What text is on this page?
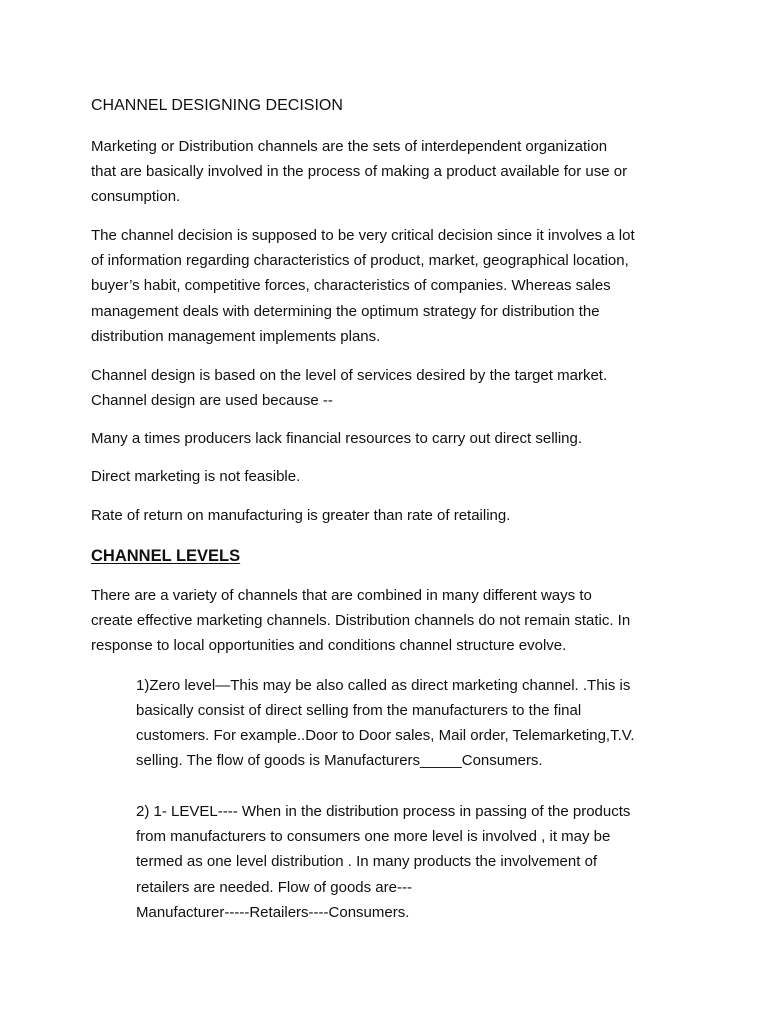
CHANNEL DESIGNING DECISION
Marketing or Distribution channels are the sets of interdependent organization
that are basically involved in the process of making a product available for use or
consumption.
The channel decision is supposed to be very critical decision since it involves a lot
of information regarding characteristics of product, market, geographical location,
buyer’s habit, competitive forces, characteristics of companies. Whereas sales
management deals with determining the optimum strategy for distribution the
distribution management implements plans.
Channel design is based on the level of services desired by the target market.
Channel design are used because --
Many a times producers lack financial resources to carry out direct selling.
Direct marketing is not feasible.
Rate of return on manufacturing is greater than rate of retailing.
CHANNEL LEVELS
There are a variety of channels that are combined in many different ways to
create effective marketing channels. Distribution channels do not remain static. In
response to local opportunities and conditions channel structure evolve.
1)Zero level—This may be also called as direct marketing channel. .This is
basically consist of direct selling from the manufacturers to the final
customers. For example..Door to Door sales, Mail order, Telemarketing,T.V.
selling. The flow of goods is Manufacturers_____Consumers.
2) 1- LEVEL---- When in the distribution process in passing of the products
from manufacturers to consumers one more level is involved , it may be
termed as one level distribution . In many products the involvement of
retailers are needed. Flow of goods are---
Manufacturer-----Retailers----Consumers.
